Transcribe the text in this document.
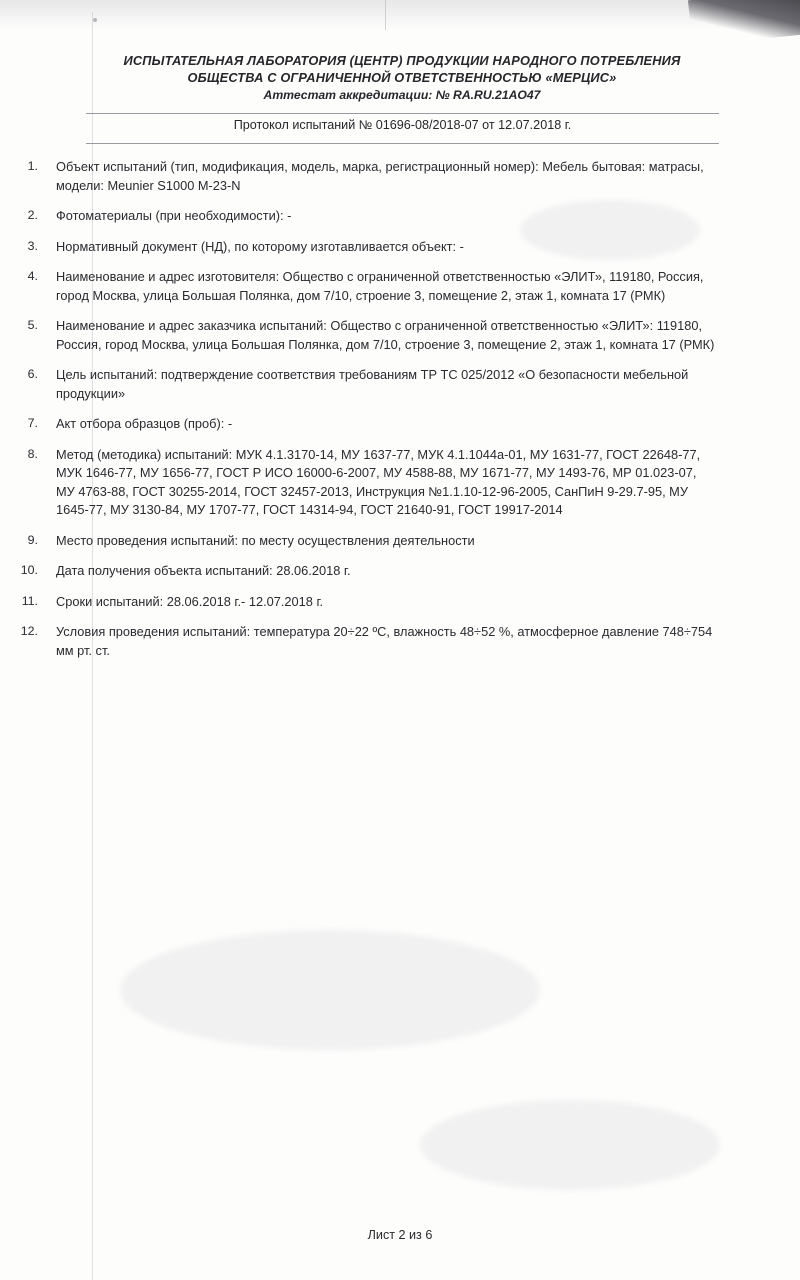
ИСПЫТАТЕЛЬНАЯ ЛАБОРАТОРИЯ (ЦЕНТР) ПРОДУКЦИИ НАРОДНОГО ПОТРЕБЛЕНИЯ
ОБЩЕСТВА С ОГРАНИЧЕННОЙ ОТВЕТСТВЕННОСТЬЮ «МЕРЦИС»
Аттестат аккредитации: № RA.RU.21AO47
Протокол испытаний № 01696-08/2018-07 от 12.07.2018 г.
1.	Объект испытаний (тип, модификация, модель, марка, регистрационный номер): Мебель бытовая: матрасы, модели: Meunier S1000 M-23-N
2.	Фотоматериалы (при необходимости): -
3.	Нормативный документ (НД), по которому изготавливается объект: -
4.	Наименование и адрес изготовителя: Общество с ограниченной ответственностью «ЭЛИТ», 119180, Россия, город Москва, улица Большая Полянка, дом 7/10, строение 3, помещение 2, этаж 1, комната 17 (РМК)
5.	Наименование и адрес заказчика испытаний: Общество с ограниченной ответственностью «ЭЛИТ»: 119180, Россия, город Москва, улица Большая Полянка, дом 7/10, строение 3, помещение 2, этаж 1, комната 17 (РМК)
6.	Цель испытаний: подтверждение соответствия требованиям ТР ТС 025/2012 «О безопасности мебельной продукции»
7.	Акт отбора образцов (проб): -
8.	Метод (методика) испытаний: МУК 4.1.3170-14, МУ 1637-77, МУК 4.1.1044а-01, МУ 1631-77, ГОСТ 22648-77, МУК 1646-77, МУ 1656-77, ГОСТ Р ИСО 16000-6-2007, МУ 4588-88, МУ 1671-77, МУ 1493-76, МР 01.023-07, МУ 4763-88, ГОСТ 30255-2014, ГОСТ 32457-2013, Инструкция №1.1.10-12-96-2005, СанПиН 9-29.7-95, МУ 1645-77, МУ 3130-84, МУ 1707-77, ГОСТ 14314-94, ГОСТ 21640-91, ГОСТ 19917-2014
9.	Место проведения испытаний: по месту осуществления деятельности
10.	Дата получения объекта испытаний: 28.06.2018 г.
11.	Сроки испытаний: 28.06.2018 г.- 12.07.2018 г.
12.	Условия проведения испытаний: температура 20÷22 ºС, влажность 48÷52 %, атмосферное давление 748÷754 мм рт. ст.
Лист 2 из 6
